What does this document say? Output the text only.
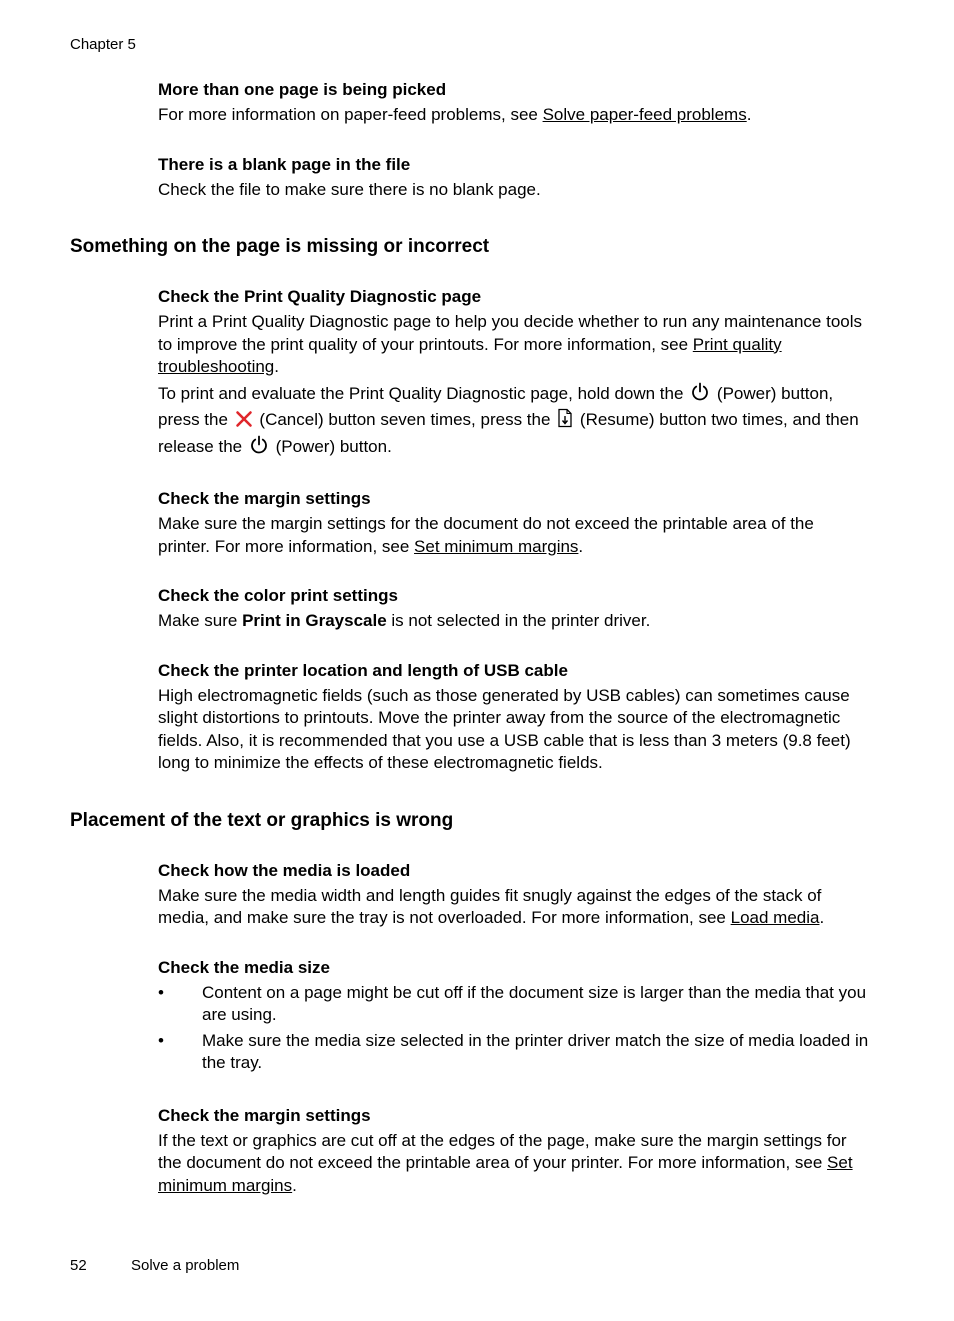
Chapter 5
More than one page is being picked
For more information on paper-feed problems, see Solve paper-feed problems.
There is a blank page in the file
Check the file to make sure there is no blank page.
Something on the page is missing or incorrect
Check the Print Quality Diagnostic page
Print a Print Quality Diagnostic page to help you decide whether to run any maintenance tools to improve the print quality of your printouts. For more information, see Print quality troubleshooting.
To print and evaluate the Print Quality Diagnostic page, hold down the (Power) button, press the (Cancel) button seven times, press the (Resume) button two times, and then release the (Power) button.
Check the margin settings
Make sure the margin settings for the document do not exceed the printable area of the printer. For more information, see Set minimum margins.
Check the color print settings
Make sure Print in Grayscale is not selected in the printer driver.
Check the printer location and length of USB cable
High electromagnetic fields (such as those generated by USB cables) can sometimes cause slight distortions to printouts. Move the printer away from the source of the electromagnetic fields. Also, it is recommended that you use a USB cable that is less than 3 meters (9.8 feet) long to minimize the effects of these electromagnetic fields.
Placement of the text or graphics is wrong
Check how the media is loaded
Make sure the media width and length guides fit snugly against the edges of the stack of media, and make sure the tray is not overloaded. For more information, see Load media.
Check the media size
• Content on a page might be cut off if the document size is larger than the media that you are using.
• Make sure the media size selected in the printer driver match the size of media loaded in the tray.
Check the margin settings
If the text or graphics are cut off at the edges of the page, make sure the margin settings for the document do not exceed the printable area of your printer. For more information, see Set minimum margins.
52	Solve a problem
